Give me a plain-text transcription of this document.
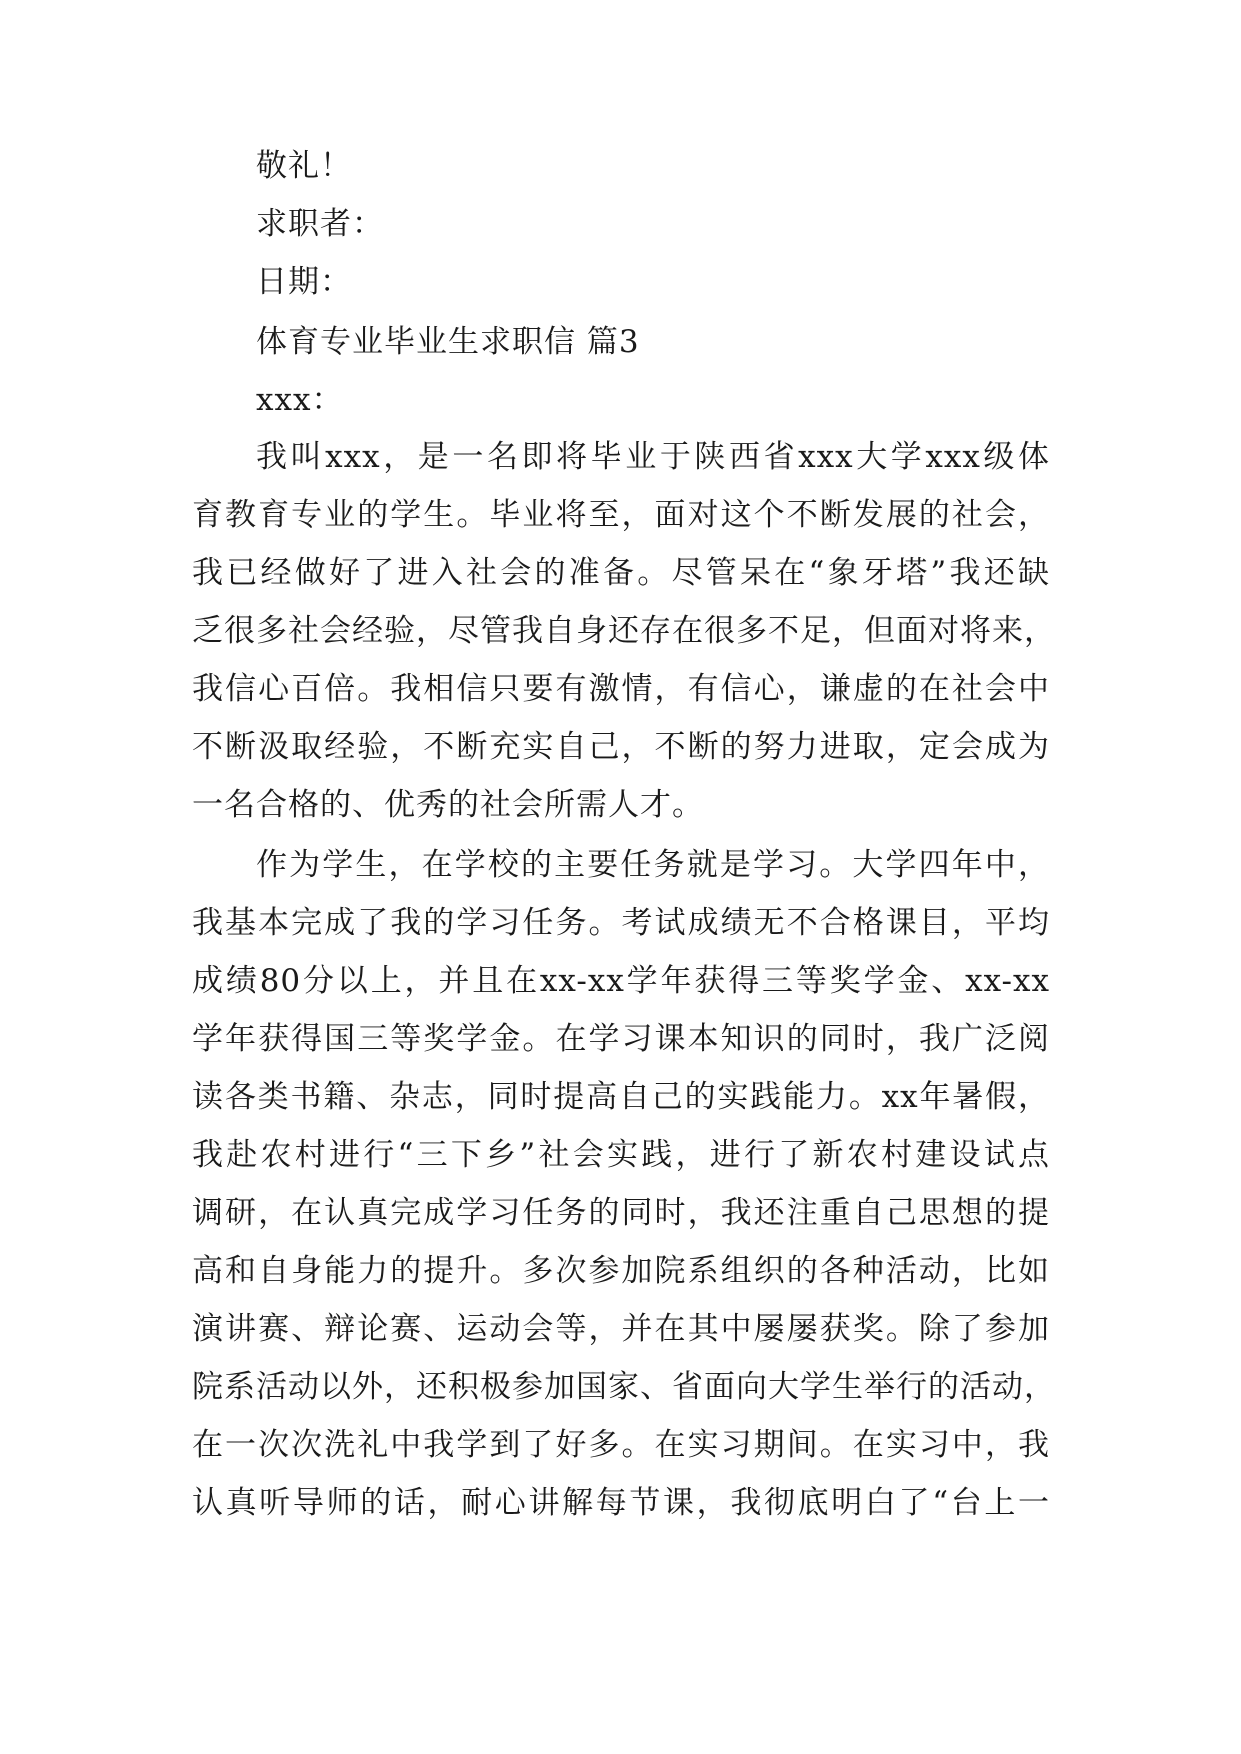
敬礼！
求职者：
日期：
体育专业毕业生求职信 篇3
xxx：
我叫xxx，是一名即将毕业于陕西省xxx大学xxx级体
育教育专业的学生。毕业将至，面对这个不断发展的社会，
我已经做好了进入社会的准备。尽管呆在“象牙塔”我还缺
乏很多社会经验，尽管我自身还存在很多不足，但面对将来，
我信心百倍。我相信只要有激情，有信心，谦虚的在社会中
不断汲取经验，不断充实自己，不断的努力进取，定会成为
一名合格的、优秀的社会所需人才。
作为学生，在学校的主要任务就是学习。大学四年中，
我基本完成了我的学习任务。考试成绩无不合格课目，平均
成绩80分以上，并且在xx-xx学年获得三等奖学金、xx-xx
学年获得国三等奖学金。在学习课本知识的同时，我广泛阅
读各类书籍、杂志，同时提高自己的实践能力。xx年暑假，
我赴农村进行“三下乡”社会实践，进行了新农村建设试点
调研，在认真完成学习任务的同时，我还注重自己思想的提
高和自身能力的提升。多次参加院系组织的各种活动，比如
演讲赛、辩论赛、运动会等，并在其中屡屡获奖。除了参加
院系活动以外，还积极参加国家、省面向大学生举行的活动，
在一次次洗礼中我学到了好多。在实习期间。在实习中，我
认真听导师的话，耐心讲解每节课，我彻底明白了“台上一
